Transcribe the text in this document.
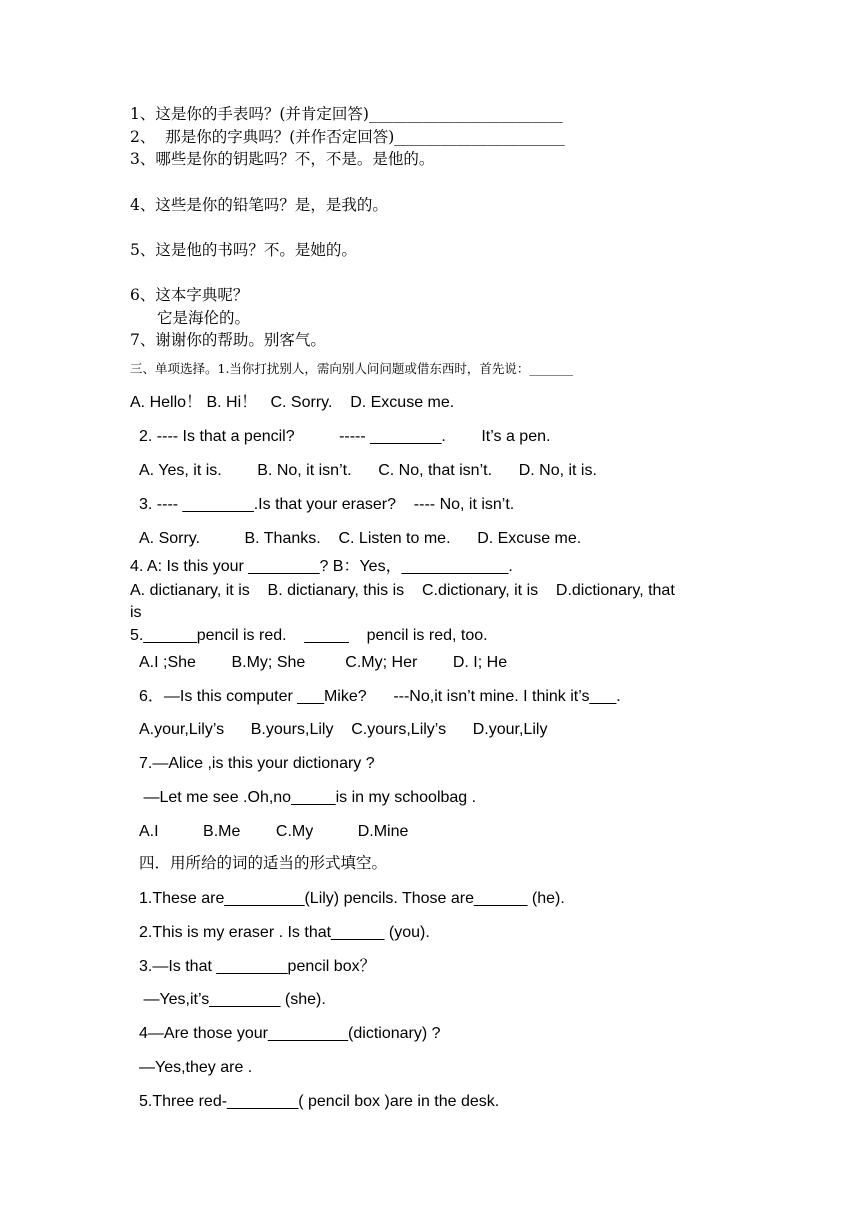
1、这是你的手表吗？(并肯定回答)_________________________
2、  那是你的字典吗？(并作否定回答)______________________
3、哪些是你的钥匙吗？不，不是。是他的。
4、这些是你的铅笔吗？是，是我的。
5、这是他的书吗？不。是她的。
6、这本字典呢？
它是海伦的。
7、谢谢你的帮助。别客气。
三、单项选择。1.当你打扰别人，需向别人问问题或借东西时，首先说：_______
A. Hello！ B. Hi！   C. Sorry.    D. Excuse me.
2. ---- Is that a pencil?          ----- ________.        It’s a pen.
A. Yes, it is.        B. No, it isn’t.      C. No, that isn’t.      D. No, it is.
3. ---- ________.Is that your eraser?    ---- No, it isn’t.
A. Sorry.          B. Thanks.    C. Listen to me.      D. Excuse me.
4. A: Is this your ________? B：Yes，____________.
A. dictianary, it is    B. dictianary, this is    C.dictionary, it is    D.dictionary, that
is
5.______pencil is red.    _____    pencil is red, too.
A.I ;She        B.My; She         C.My; Her        D. I; He
6．—Is this computer ___Mike?      ---No,it isn’t mine. I think it’s___.
A.your,Lily’s      B.yours,Lily    C.yours,Lily’s      D.your,Lily
7.—Alice ,is this your dictionary ?
—Let me see .Oh,no_____is in my schoolbag .
A.I          B.Me        C.My          D.Mine
四．用所给的词的适当的形式填空。
1.These are_________(Lily) pencils. Those are______ (he).
2.This is my eraser . Is that______ (you).
3.—Is that ________pencil box？
—Yes,it’s________ (she).
4—Are those your_________(dictionary) ?
—Yes,they are .
5.Three red-________( pencil box )are in the desk.
